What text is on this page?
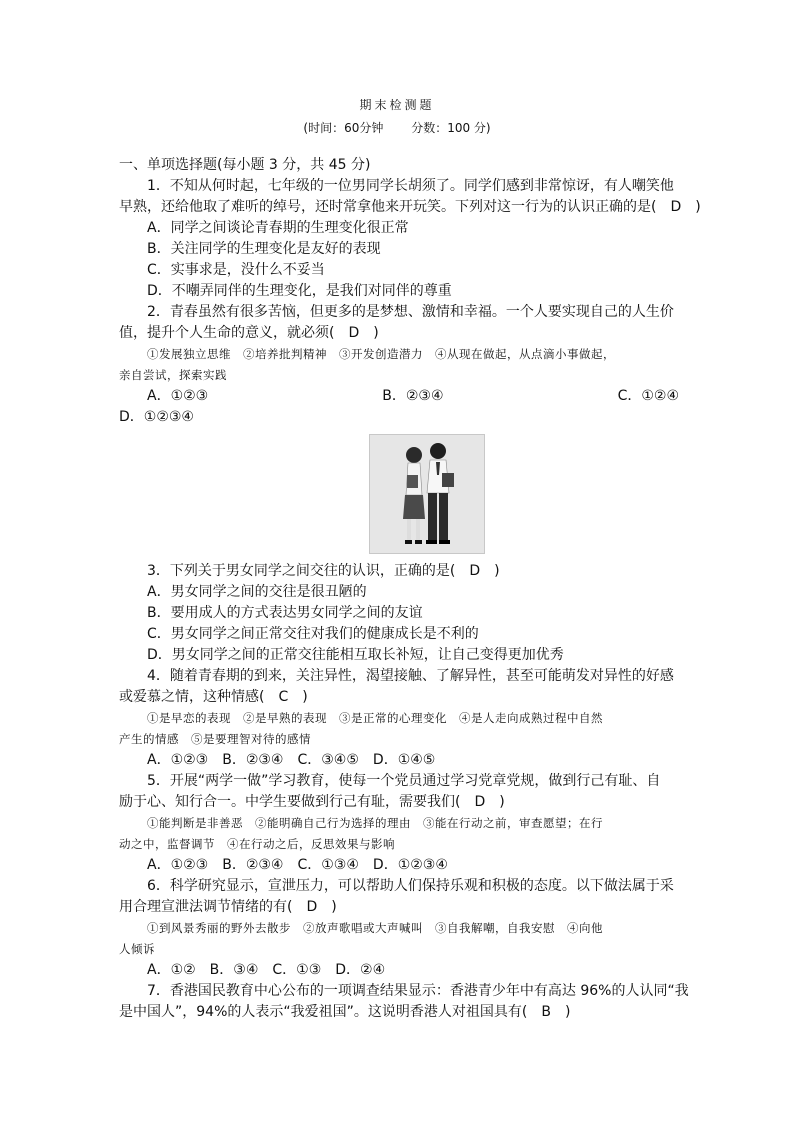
期末检测题
(时间：60分钟 分数：100 分)

一、单项选择题(每小题 3 分，共 45 分)

1．不知从何时起，七年级的一位男同学长胡须了。同学们感到非常惊讶，有人嘲笑他

早熟，还给他取了难听的绰号，还时常拿他来开玩笑。下列对这一行为的认识正确的是(　D　)

A．同学之间谈论青春期的生理变化很正常

B．关注同学的生理变化是友好的表现

C．实事求是，没什么不妥当

D．不嘲弄同伴的生理变化，是我们对同伴的尊重

2．青春虽然有很多苦恼，但更多的是梦想、激情和幸福。一个人要实现自己的人生价

值，提升个人生命的意义，就必须(　D　)

①发展独立思维　②培养批判精神　③开发创造潜力　④从现在做起，从点滴小事做起，

亲自尝试，探索实践

A．①②③	B．②③④	C．①②④

D．①②③④

3．下列关于男女同学之间交往的认识，正确的是(　D　)

A．男女同学之间的交往是很丑陋的

B．要用成人的方式表达男女同学之间的友谊

C．男女同学之间正常交往对我们的健康成长是不利的

D．男女同学之间的正常交往能相互取长补短，让自己变得更加优秀

4．随着青春期的到来，关注异性，渴望接触、了解异性，甚至可能萌发对异性的好感

或爱慕之情，这种情感(　C　)

①是早恋的表现　②是早熟的表现　③是正常的心理变化　④是人走向成熟过程中自然

产生的情感　⑤是要理智对待的感情

A．①②③　B．②③④　C．③④⑤　D．①④⑤

5．开展“两学一做”学习教育，使每一个党员通过学习党章党规，做到行己有耻、自

励于心、知行合一。中学生要做到行己有耻，需要我们(　D　)

①能判断是非善恶　②能明确自己行为选择的理由　③能在行动之前，审查愿望；在行

动之中，监督调节　④在行动之后，反思效果与影响

A．①②③　B．②③④　C．①③④　D．①②③④

6．科学研究显示，宣泄压力，可以帮助人们保持乐观和积极的态度。以下做法属于采

用合理宣泄法调节情绪的有(　D　)

①到风景秀丽的野外去散步　②放声歌唱或大声喊叫　③自我解嘲，自我安慰　④向他

人倾诉

A．①②　B．③④　C．①③　D．②④

7．香港国民教育中心公布的一项调查结果显示：香港青少年中有高达 96%的人认同“我

是中国人”，94%的人表示“我爱祖国”。这说明香港人对祖国具有(　B　)
